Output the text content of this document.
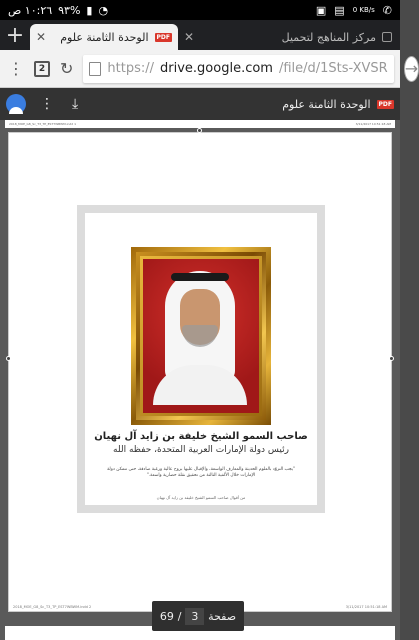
١٠:٢٦ ص ٩٣% ▮ ◔	▣ ▤ 0 KB/s ✆
+	PDF
الوحدة الثامنة علوم
✕	مركز المناهج لتحميل
✕
⋮	2 ↻	https:// drive.google.com /file/d/1Sts-XVSR →
⋮ ⤓	PDF
الوحدة الثامنة علوم
2018_MOE_G8_Sc_T3_TP_EST7WBWM.indd 1	3/11/2017 10:51:18 AM
صاحب السمو الشيخ خليفة بن زايد آل نهيان
رئيس دولة الإمارات العربية المتحدة، حفظه الله
"يجب التزوّد بالعلوم الحديثة والمعارف الواسعة، والإقبال عليها بروح عالية ورغبة صادقة، حتى تتمكن دولة الإمارات خلال الألفية الثالثة من تحقيق نقلة حضارية واسعة."
من أقوال صاحب السمو الشيخ خليفة بن زايد آل نهيان
2018_MOE_G8_Sc_T3_TP_EST7WBWM.indd 2	3/11/2017 10:51:18 AM
صفحة
3
/
69
